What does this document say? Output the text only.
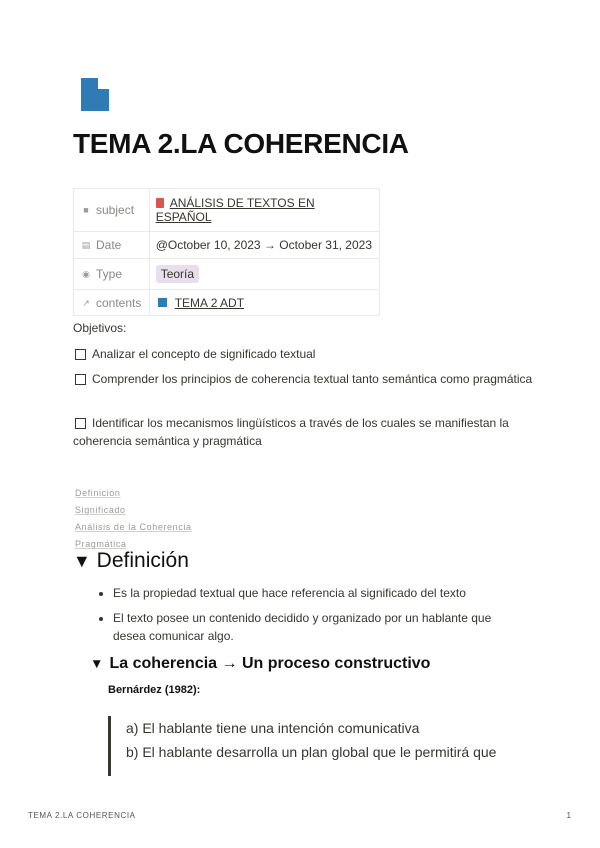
TEMA 2.LA COHERENCIA
■ subject	ANÁLISIS DE TEXTOS EN ESPAÑOL
▤ Date	@October 10, 2023 → October 31, 2023
◉ Type	Teoría
↗ contents	TEMA 2 ADT

Objetivos:

Analizar el concepto de significado textual

Comprender los principios de coherencia textual tanto semántica como pragmática

Identificar los mecanismos lingüísticos a través de los cuales se manifiestan la coherencia semántica y pragmática

Definición
Significado
Análisis de la Coherencia
Pragmática
▼ Definición
• Es la propiedad textual que hace referencia al significado del texto
• El texto posee un contenido decidido y organizado por un hablante que desea comunicar algo.
▼ La coherencia → Un proceso constructivo

Bernárdez (1982):

a) El hablante tiene una intención comunicativa

b) El hablante desarrolla un plan global que le permitirá que

TEMA 2.LA COHERENCIA	1
